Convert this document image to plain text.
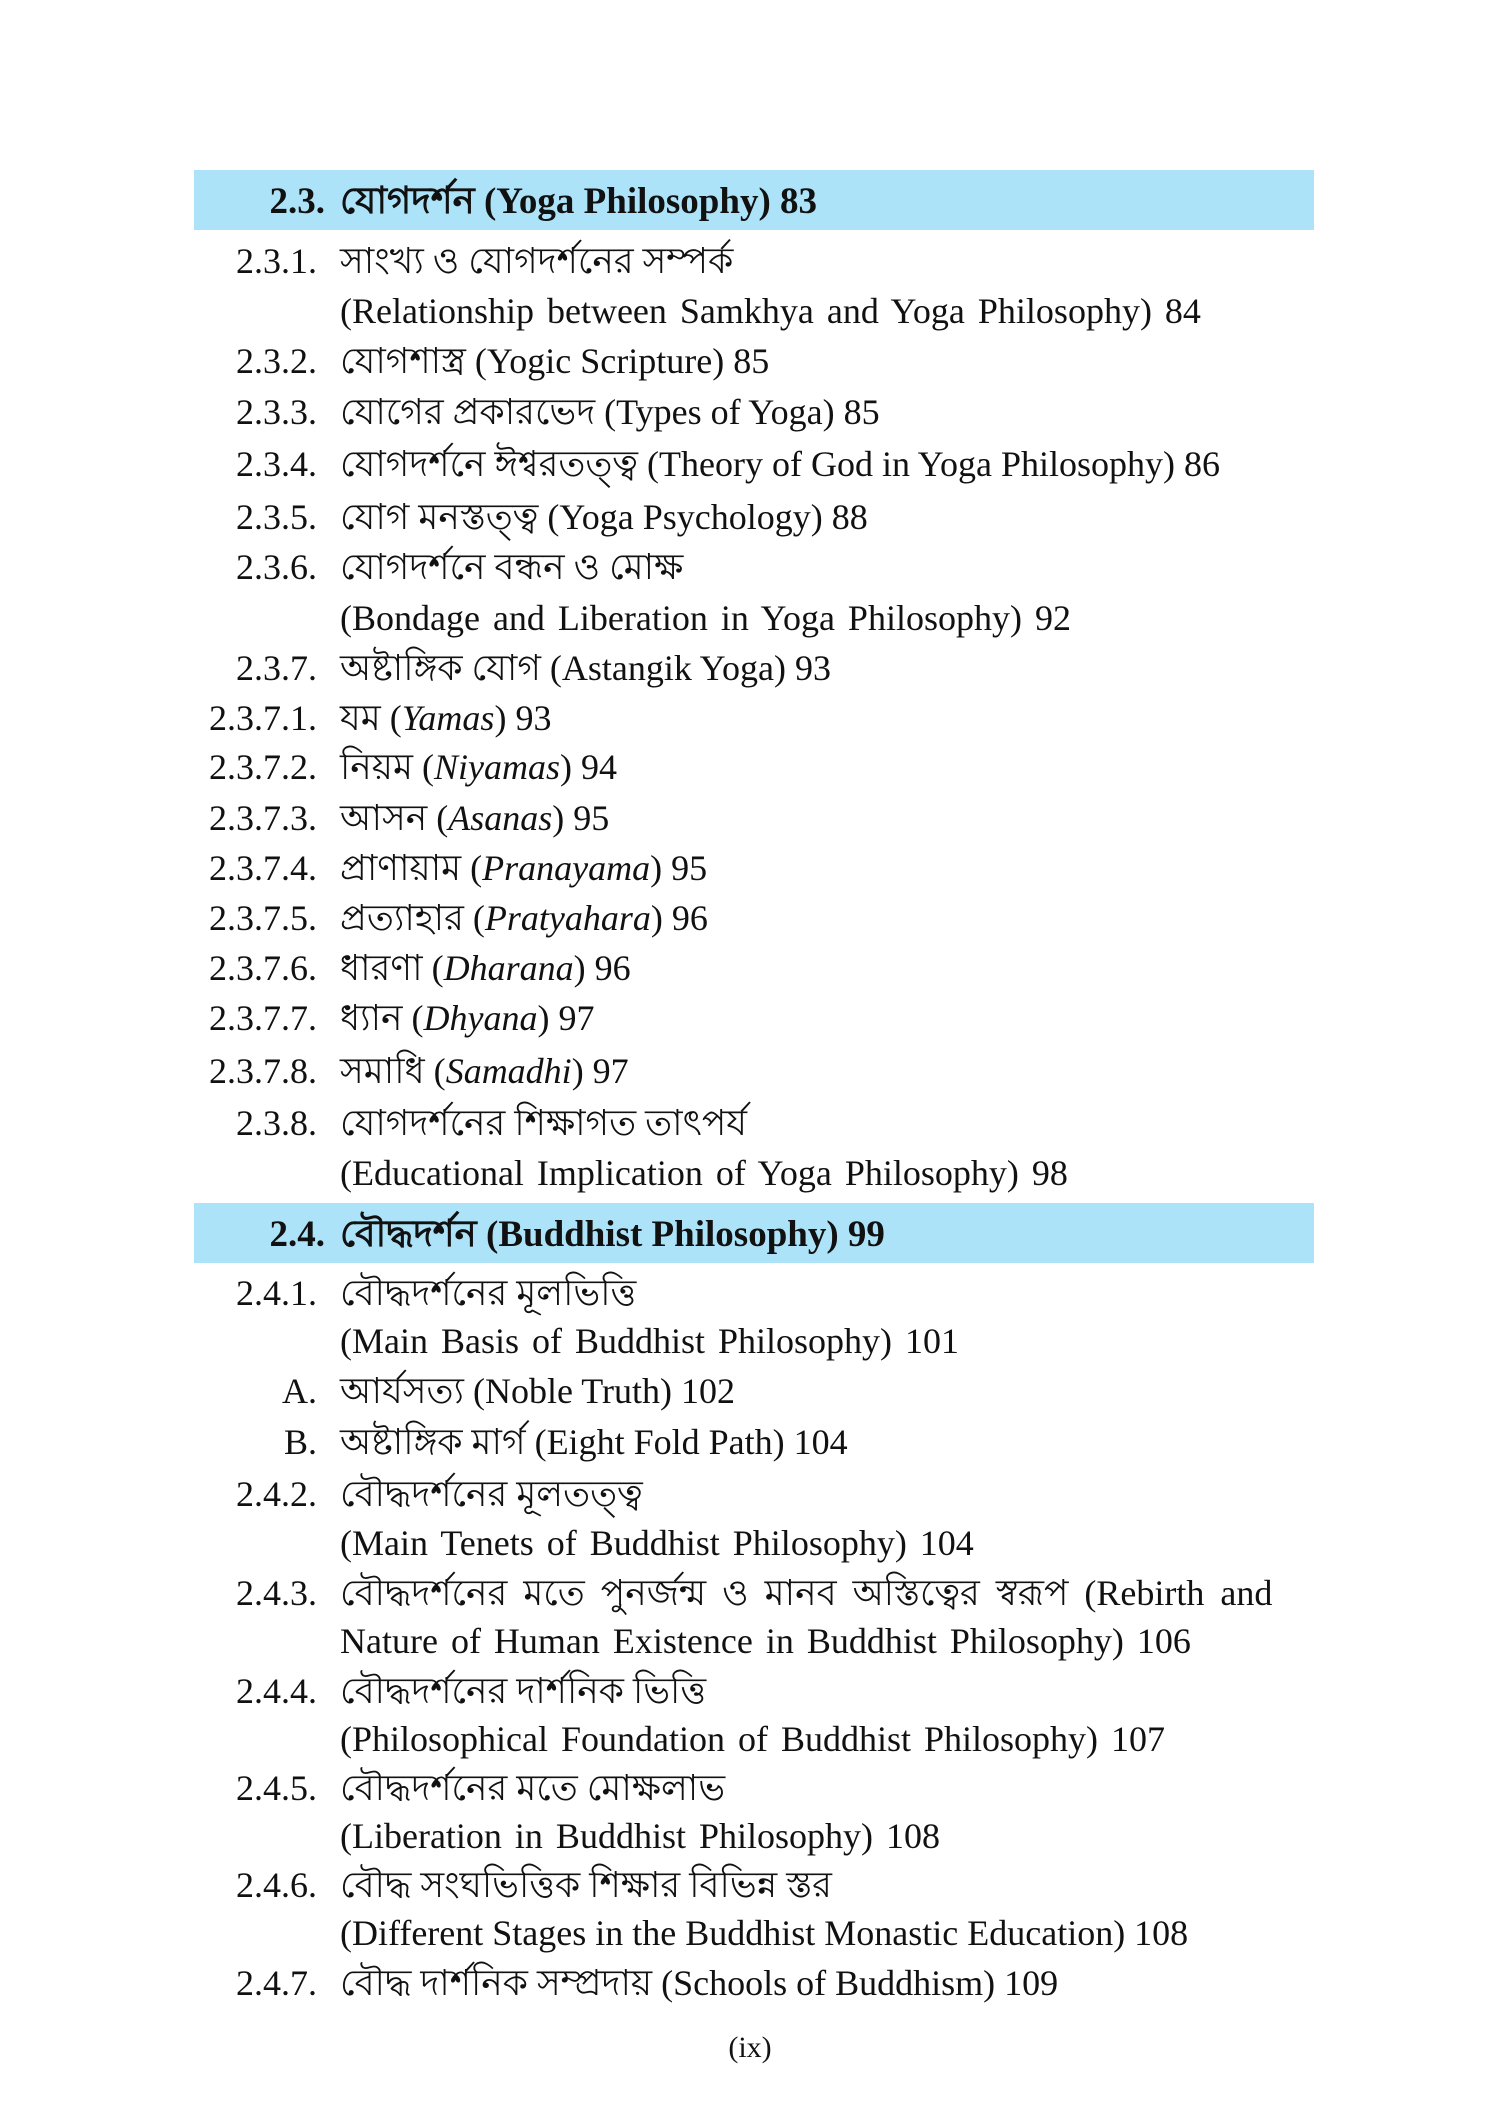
2.3. যোগদর্শন (Yoga Philosophy) 83
2.3.1. সাংখ্য ও যোগদর্শনের সম্পর্ক
(Relationship between Samkhya and Yoga Philosophy) 84
2.3.2. যোগশাস্ত্র (Yogic Scripture) 85
2.3.3. যোগের প্রকারভেদ (Types of Yoga) 85
2.3.4. যোগদর্শনে ঈশ্বরতত্ত্ব (Theory of God in Yoga Philosophy) 86
2.3.5. যোগ মনস্তত্ত্ব (Yoga Psychology) 88
2.3.6. যোগদর্শনে বন্ধন ও মোক্ষ
(Bondage and Liberation in Yoga Philosophy) 92
2.3.7. অষ্টাঙ্গিক যোগ (Astangik Yoga) 93
2.3.7.1. যম (Yamas) 93
2.3.7.2. নিয়ম (Niyamas) 94
2.3.7.3. আসন (Asanas) 95
2.3.7.4. প্রাণায়াম (Pranayama) 95
2.3.7.5. প্রত্যাহার (Pratyahara) 96
2.3.7.6. ধারণা (Dharana) 96
2.3.7.7. ধ্যান (Dhyana) 97
2.3.7.8. সমাধি (Samadhi) 97
2.3.8. যোগদর্শনের শিক্ষাগত তাৎপর্য
(Educational Implication of Yoga Philosophy) 98
2.4. বৌদ্ধদর্শন (Buddhist Philosophy) 99
2.4.1. বৌদ্ধদর্শনের মূলভিত্তি
(Main Basis of Buddhist Philosophy) 101
A. আর্যসত্য (Noble Truth) 102
B. অষ্টাঙ্গিক মার্গ (Eight Fold Path) 104
2.4.2. বৌদ্ধদর্শনের মূলতত্ত্ব
(Main Tenets of Buddhist Philosophy) 104
2.4.3. বৌদ্ধদর্শনের মতে পুনর্জন্ম ও মানব অস্তিত্বের স্বরূপ (Rebirth and
Nature of Human Existence in Buddhist Philosophy) 106
2.4.4. বৌদ্ধদর্শনের দার্শনিক ভিত্তি
(Philosophical Foundation of Buddhist Philosophy) 107
2.4.5. বৌদ্ধদর্শনের মতে মোক্ষলাভ
(Liberation in Buddhist Philosophy) 108
2.4.6. বৌদ্ধ সংঘভিত্তিক শিক্ষার বিভিন্ন স্তর
(Different Stages in the Buddhist Monastic Education) 108
2.4.7. বৌদ্ধ দার্শনিক সম্প্রদায় (Schools of Buddhism) 109
(ix)
